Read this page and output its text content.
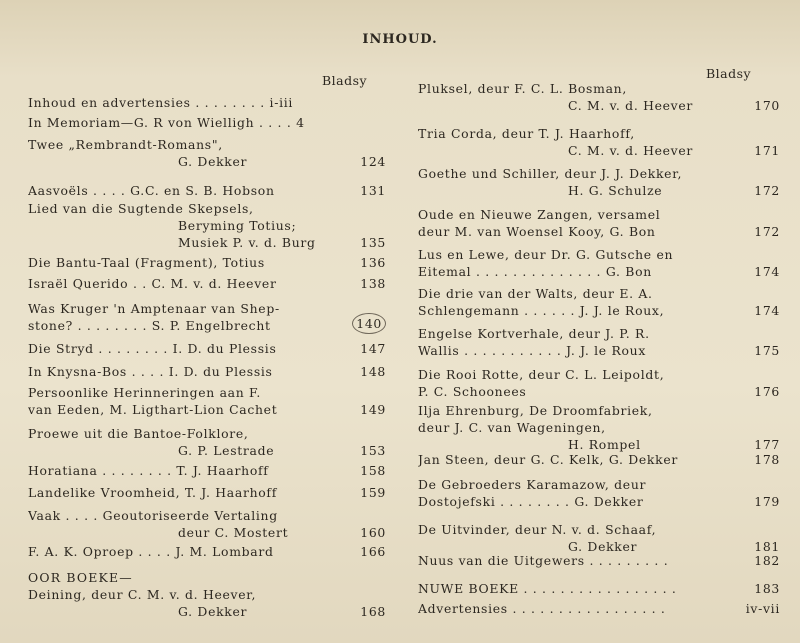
INHOUD.
Bladsy	Bladsy
Inhoud en advertensies . . . . . . . . i-iii
In Memoriam—G. R von Wielligh . . . . 4
Twee „Rembrandt-Romans",
G. Dekker	124
Aasvoëls . . . . G.C. en S. B. Hobson	131
Lied van die Sugtende Skepsels,
Beryming Totius;
Musiek P. v. d. Burg	135
Die Bantu-Taal (Fragment), Totius	136
Israël Querido . . C. M. v. d. Heever	138
Was Kruger 'n Amptenaar van Shep-
stone? . . . . . . . . S. P. Engelbrecht	140
Die Stryd . . . . . . . . I. D. du Plessis	147
In Knysna-Bos . . . . I. D. du Plessis	148
Persoonlike Herinneringen aan F.
van Eeden, M. Ligthart-Lion Cachet	149
Proewe uit die Bantoe-Folklore,
G. P. Lestrade	153
Horatiana . . . . . . . . T. J. Haarhoff	158
Landelike Vroomheid, T. J. Haarhoff	159
Vaak . . . . Geoutoriseerde Vertaling
deur C. Mostert	160
F. A. K. Oproep . . . . J. M. Lombard	166
OOR BOEKE—
Deining, deur C. M. v. d. Heever,
G. Dekker	168
Pluksel, deur F. C. L. Bosman,
C. M. v. d. Heever	170
Tria Corda, deur T. J. Haarhoff,
C. M. v. d. Heever	171
Goethe und Schiller, deur J. J. Dekker,
H. G. Schulze	172
Oude en Nieuwe Zangen, versamel
deur M. van Woensel Kooy, G. Bon	172
Lus en Lewe, deur Dr. G. Gutsche en
Eitemal . . . . . . . . . . . . . . G. Bon	174
Die drie van der Walts, deur E. A.
Schlengemann . . . . . . J. J. le Roux,	174
Engelse Kortverhale, deur J. P. R.
Wallis . . . . . . . . . . . J. J. le Roux	175
Die Rooi Rotte, deur C. L. Leipoldt,
P. C. Schoonees	176
Ilja Ehrenburg, De Droomfabriek,
deur J. C. van Wageningen,
H. Rompel	177
Jan Steen, deur G. C. Kelk, G. Dekker	178
De Gebroeders Karamazow, deur
Dostojefski . . . . . . . . G. Dekker	179
De Uitvinder, deur N. v. d. Schaaf,
G. Dekker	181
Nuus van die Uitgewers . . . . . . . . .	182
NUWE BOEKE . . . . . . . . . . . . . . . . .	183
Advertensies . . . . . . . . . . . . . . . . .	iv-vii
